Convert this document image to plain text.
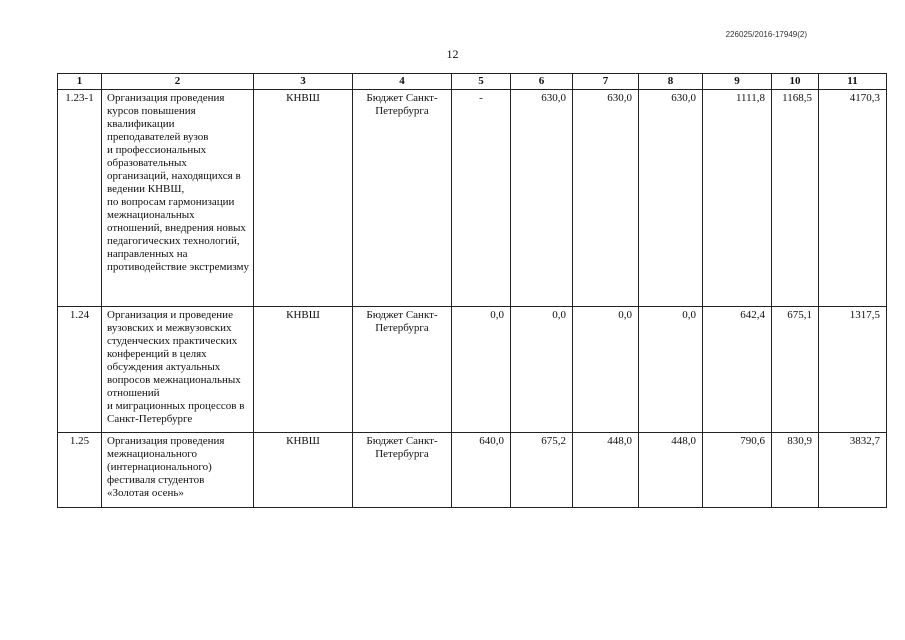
226025/2016-17949(2)
12
1	2	3	4	5	6	7	8	9	10	11
1.23-1	Организация проведения курсов повышения квалификации преподавателей вузов
и профессиональных образовательных организаций, находящихся в ведении КНВШ,
по вопросам гармонизации межнациональных отношений, внедрения новых педагогических технологий, направленных на противодействие экстремизму	КНВШ	Бюджет Санкт-Петербурга	-	630,0	630,0	630,0	1111,8	1168,5	4170,3
1.24	Организация и проведение вузовских и межвузовских студенческих практических конференций в целях обсуждения актуальных вопросов межнациональных отношений
и миграционных процессов в Санкт-Петербурге	КНВШ	Бюджет Санкт-Петербурга	0,0	0,0	0,0	0,0	642,4	675,1	1317,5
1.25	Организация проведения межнационального (интернационального) фестиваля студентов «Золотая осень»	КНВШ	Бюджет Санкт-Петербурга	640,0	675,2	448,0	448,0	790,6	830,9	3832,7
